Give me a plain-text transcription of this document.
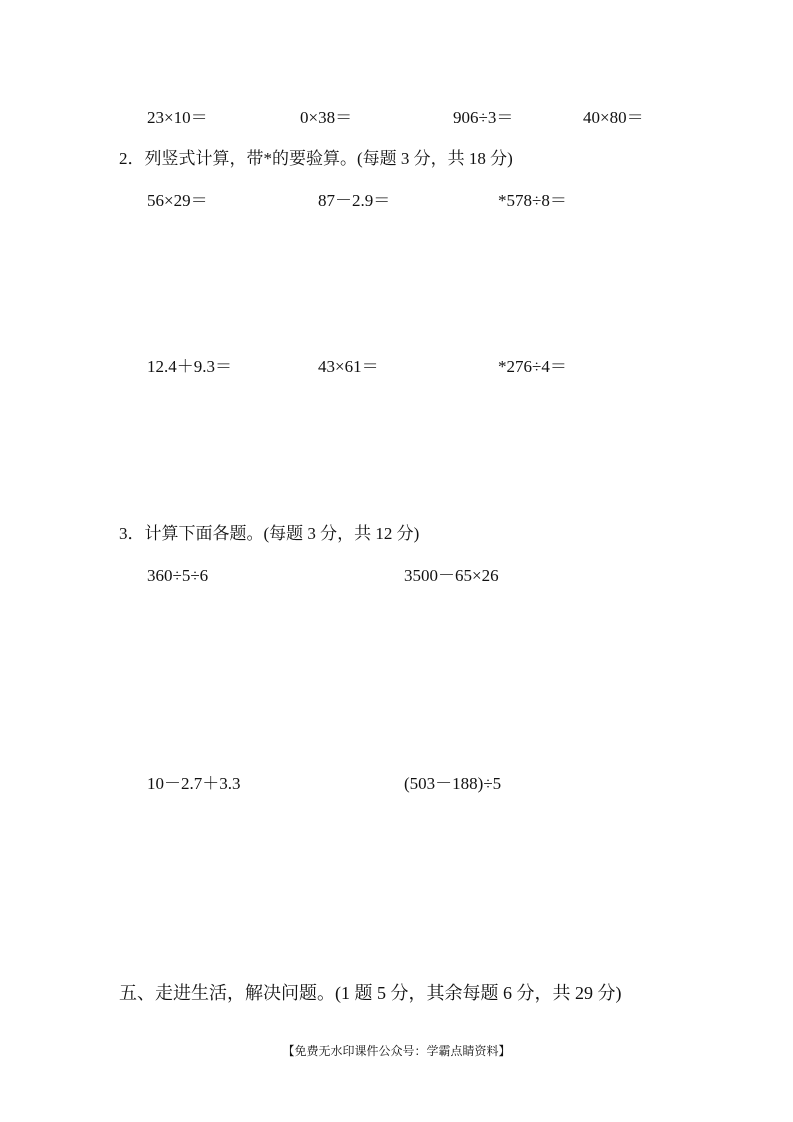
23×10＝	0×38＝	906÷3＝	40×80＝
2．列竖式计算，带*的要验算。(每题 3 分，共 18 分)
56×29＝	87－2.9＝	*578÷8＝
12.4＋9.3＝	43×61＝	*276÷4＝
3．计算下面各题。(每题 3 分，共 12 分)
360÷5÷6	3500－65×26
10－2.7＋3.3	(503－188)÷5
五、走进生活，解决问题。(1 题 5 分，其余每题 6 分，共 29 分)
【免费无水印课件公众号：学霸点睛资料】
